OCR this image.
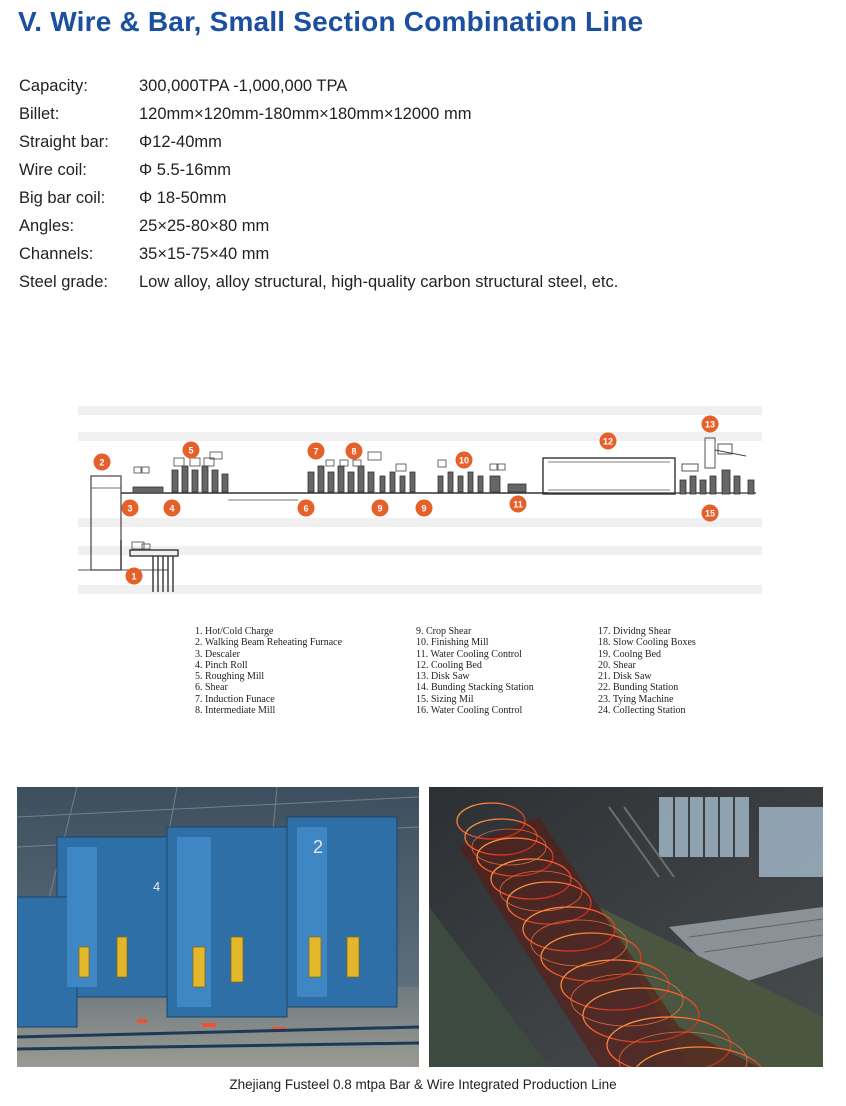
V. Wire & Bar, Small Section Combination Line
Capacity:	300,000TPA -1,000,000 TPA
Billet:	120mm×120mm-180mm×180mm×12000 mm
Straight bar:	Φ12-40mm
Wire coil:	Φ 5.5-16mm
Big bar coil:	Φ 18-50mm
Angles:	25×25-80×80 mm
Channels:	35×15-75×40 mm
Steel grade:	Low alloy, alloy structural, high-quality carbon structural steel, etc.
1
2
3	4
5
6
7	8
9	9
10
11
12
13
15
1. Hot/Cold Charge
2. Walking Beam Reheating Furnace
3. Descaler
4. Pinch Roll
5. Roughing Mill
6. Shear
7. Induction Funace
8. Intermediate Mill
9. Crop Shear
10. Finishing Mill
11. Water Cooling Control
12. Cooling Bed
13. Disk Saw
14. Bunding Stacking Station
15. Sizing Mil
16. Water Cooling Control
17. Dividng Shear
18. Slow Cooling Boxes
19. Coolng Bed
20. Shear
21. Disk Saw
22. Bunding Station
23. Tying Machine
24. Collecting Station
2
4
Zhejiang Fusteel 0.8 mtpa Bar & Wire Integrated Production Line
